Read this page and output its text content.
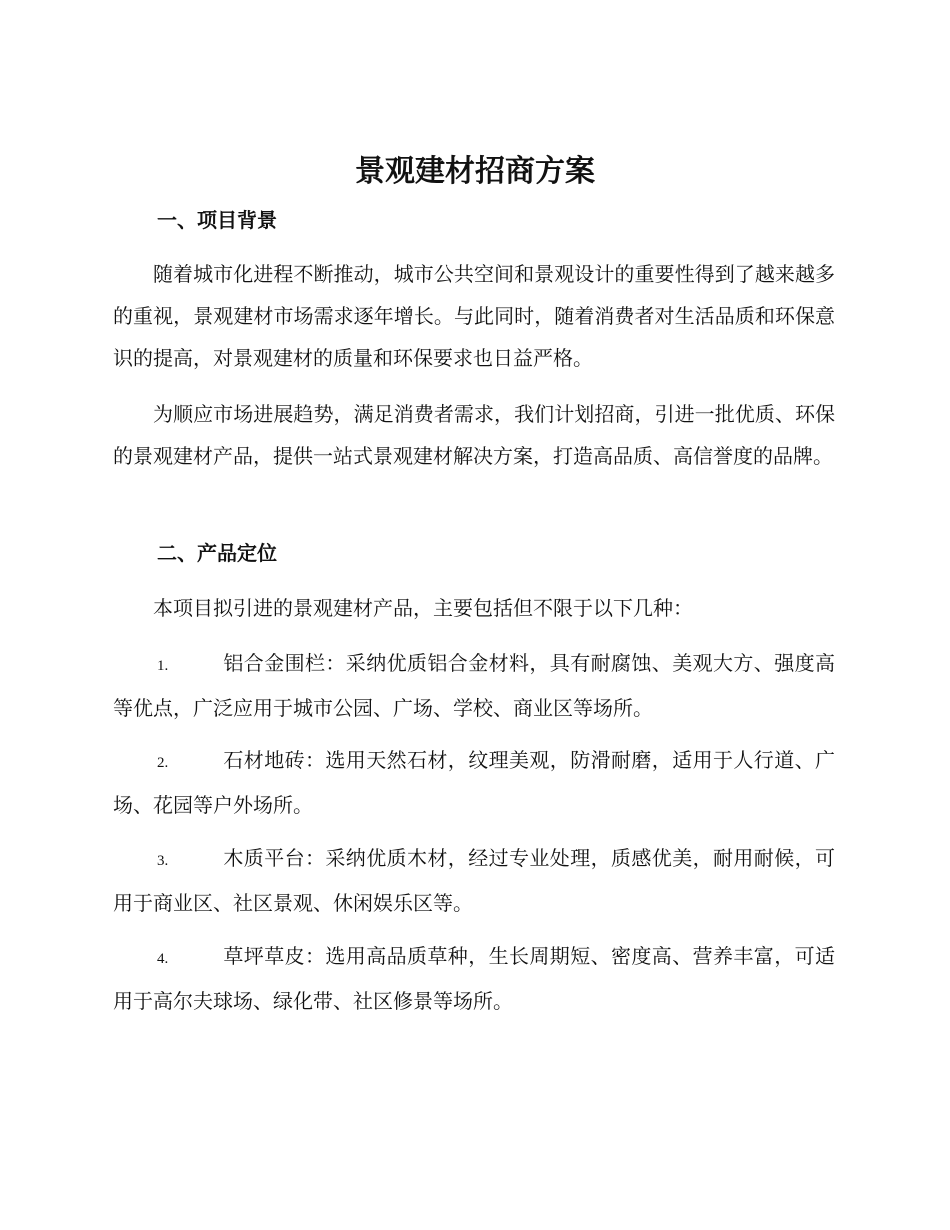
景观建材招商方案
一、项目背景

随着城市化进程不断推动，城市公共空间和景观设计的重要性得到了越来越多的重视，景观建材市场需求逐年增长。与此同时，随着消费者对生活品质和环保意识的提高，对景观建材的质量和环保要求也日益严格。

为顺应市场进展趋势，满足消费者需求，我们计划招商，引进一批优质、环保的景观建材产品，提供一站式景观建材解决方案，打造高品质、高信誉度的品牌。

二、产品定位

本项目拟引进的景观建材产品，主要包括但不限于以下几种：

1.	铝合金围栏：采纳优质铝合金材料，具有耐腐蚀、美观大方、强度高等优点，广泛应用于城市公园、广场、学校、商业区等场所。

2.	石材地砖：选用天然石材，纹理美观，防滑耐磨，适用于人行道、广场、花园等户外场所。

3.	木质平台：采纳优质木材，经过专业处理，质感优美，耐用耐候，可用于商业区、社区景观、休闲娱乐区等。

4.	草坪草皮：选用高品质草种，生长周期短、密度高、营养丰富，可适用于高尔夫球场、绿化带、社区修景等场所。
